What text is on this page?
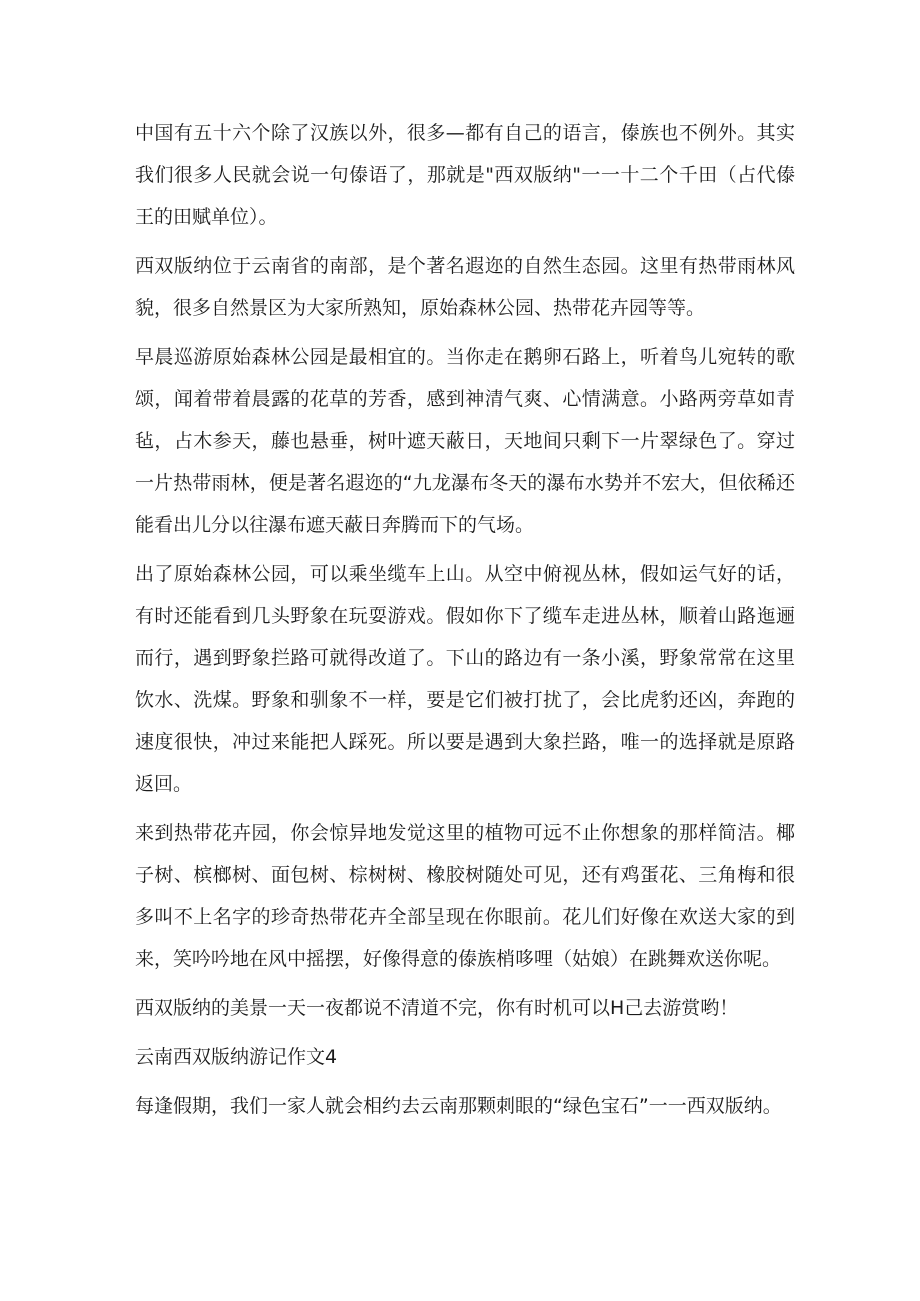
中国有五十六个除了汉族以外，很多—都有自己的语言，傣族也不例外。其实我们很多人民就会说一句傣语了，那就是"西双版纳"一一十二个千田（占代傣王的田赋单位）。

西双版纳位于云南省的南部，是个著名遐迩的自然生态园。这里有热带雨林风貌，很多自然景区为大家所熟知，原始森林公园、热带花卉园等等。

早晨巡游原始森林公园是最相宜的。当你走在鹅卵石路上，听着鸟儿宛转的歌颂，闻着带着晨露的花草的芳香，感到神清气爽、心情满意。小路两旁草如青毡，占木参天，藤也悬垂，树叶遮天蔽日，天地间只剩下一片翠绿色了。穿过一片热带雨林，便是著名遐迩的“九龙瀑布冬天的瀑布水势并不宏大，但依稀还能看出儿分以往瀑布遮天蔽日奔腾而下的气场。

出了原始森林公园，可以乘坐缆车上山。从空中俯视丛林，假如运气好的话，有时还能看到几头野象在玩耍游戏。假如你下了缆车走进丛林，顺着山路迤逦而行，遇到野象拦路可就得改道了。下山的路边有一条小溪，野象常常在这里饮水、洗煤。野象和驯象不一样，要是它们被打扰了，会比虎豹还凶，奔跑的速度很快，冲过来能把人踩死。所以要是遇到大象拦路，唯一的选择就是原路返回。

来到热带花卉园，你会惊异地发觉这里的植物可远不止你想象的那样简洁。椰子树、槟榔树、面包树、棕树树、橡胶树随处可见，还有鸡蛋花、三角梅和很多叫不上名字的珍奇热带花卉全部呈现在你眼前。花儿们好像在欢送大家的到来，笑吟吟地在风中摇摆，好像得意的傣族梢哆哩（姑娘）在跳舞欢送你呢。

西双版纳的美景一天一夜都说不清道不完，你有时机可以H己去游赏哟！

云南西双版纳游记作文4

每逢假期，我们一家人就会相约去云南那颗刺眼的“绿色宝石”一一西双版纳。
